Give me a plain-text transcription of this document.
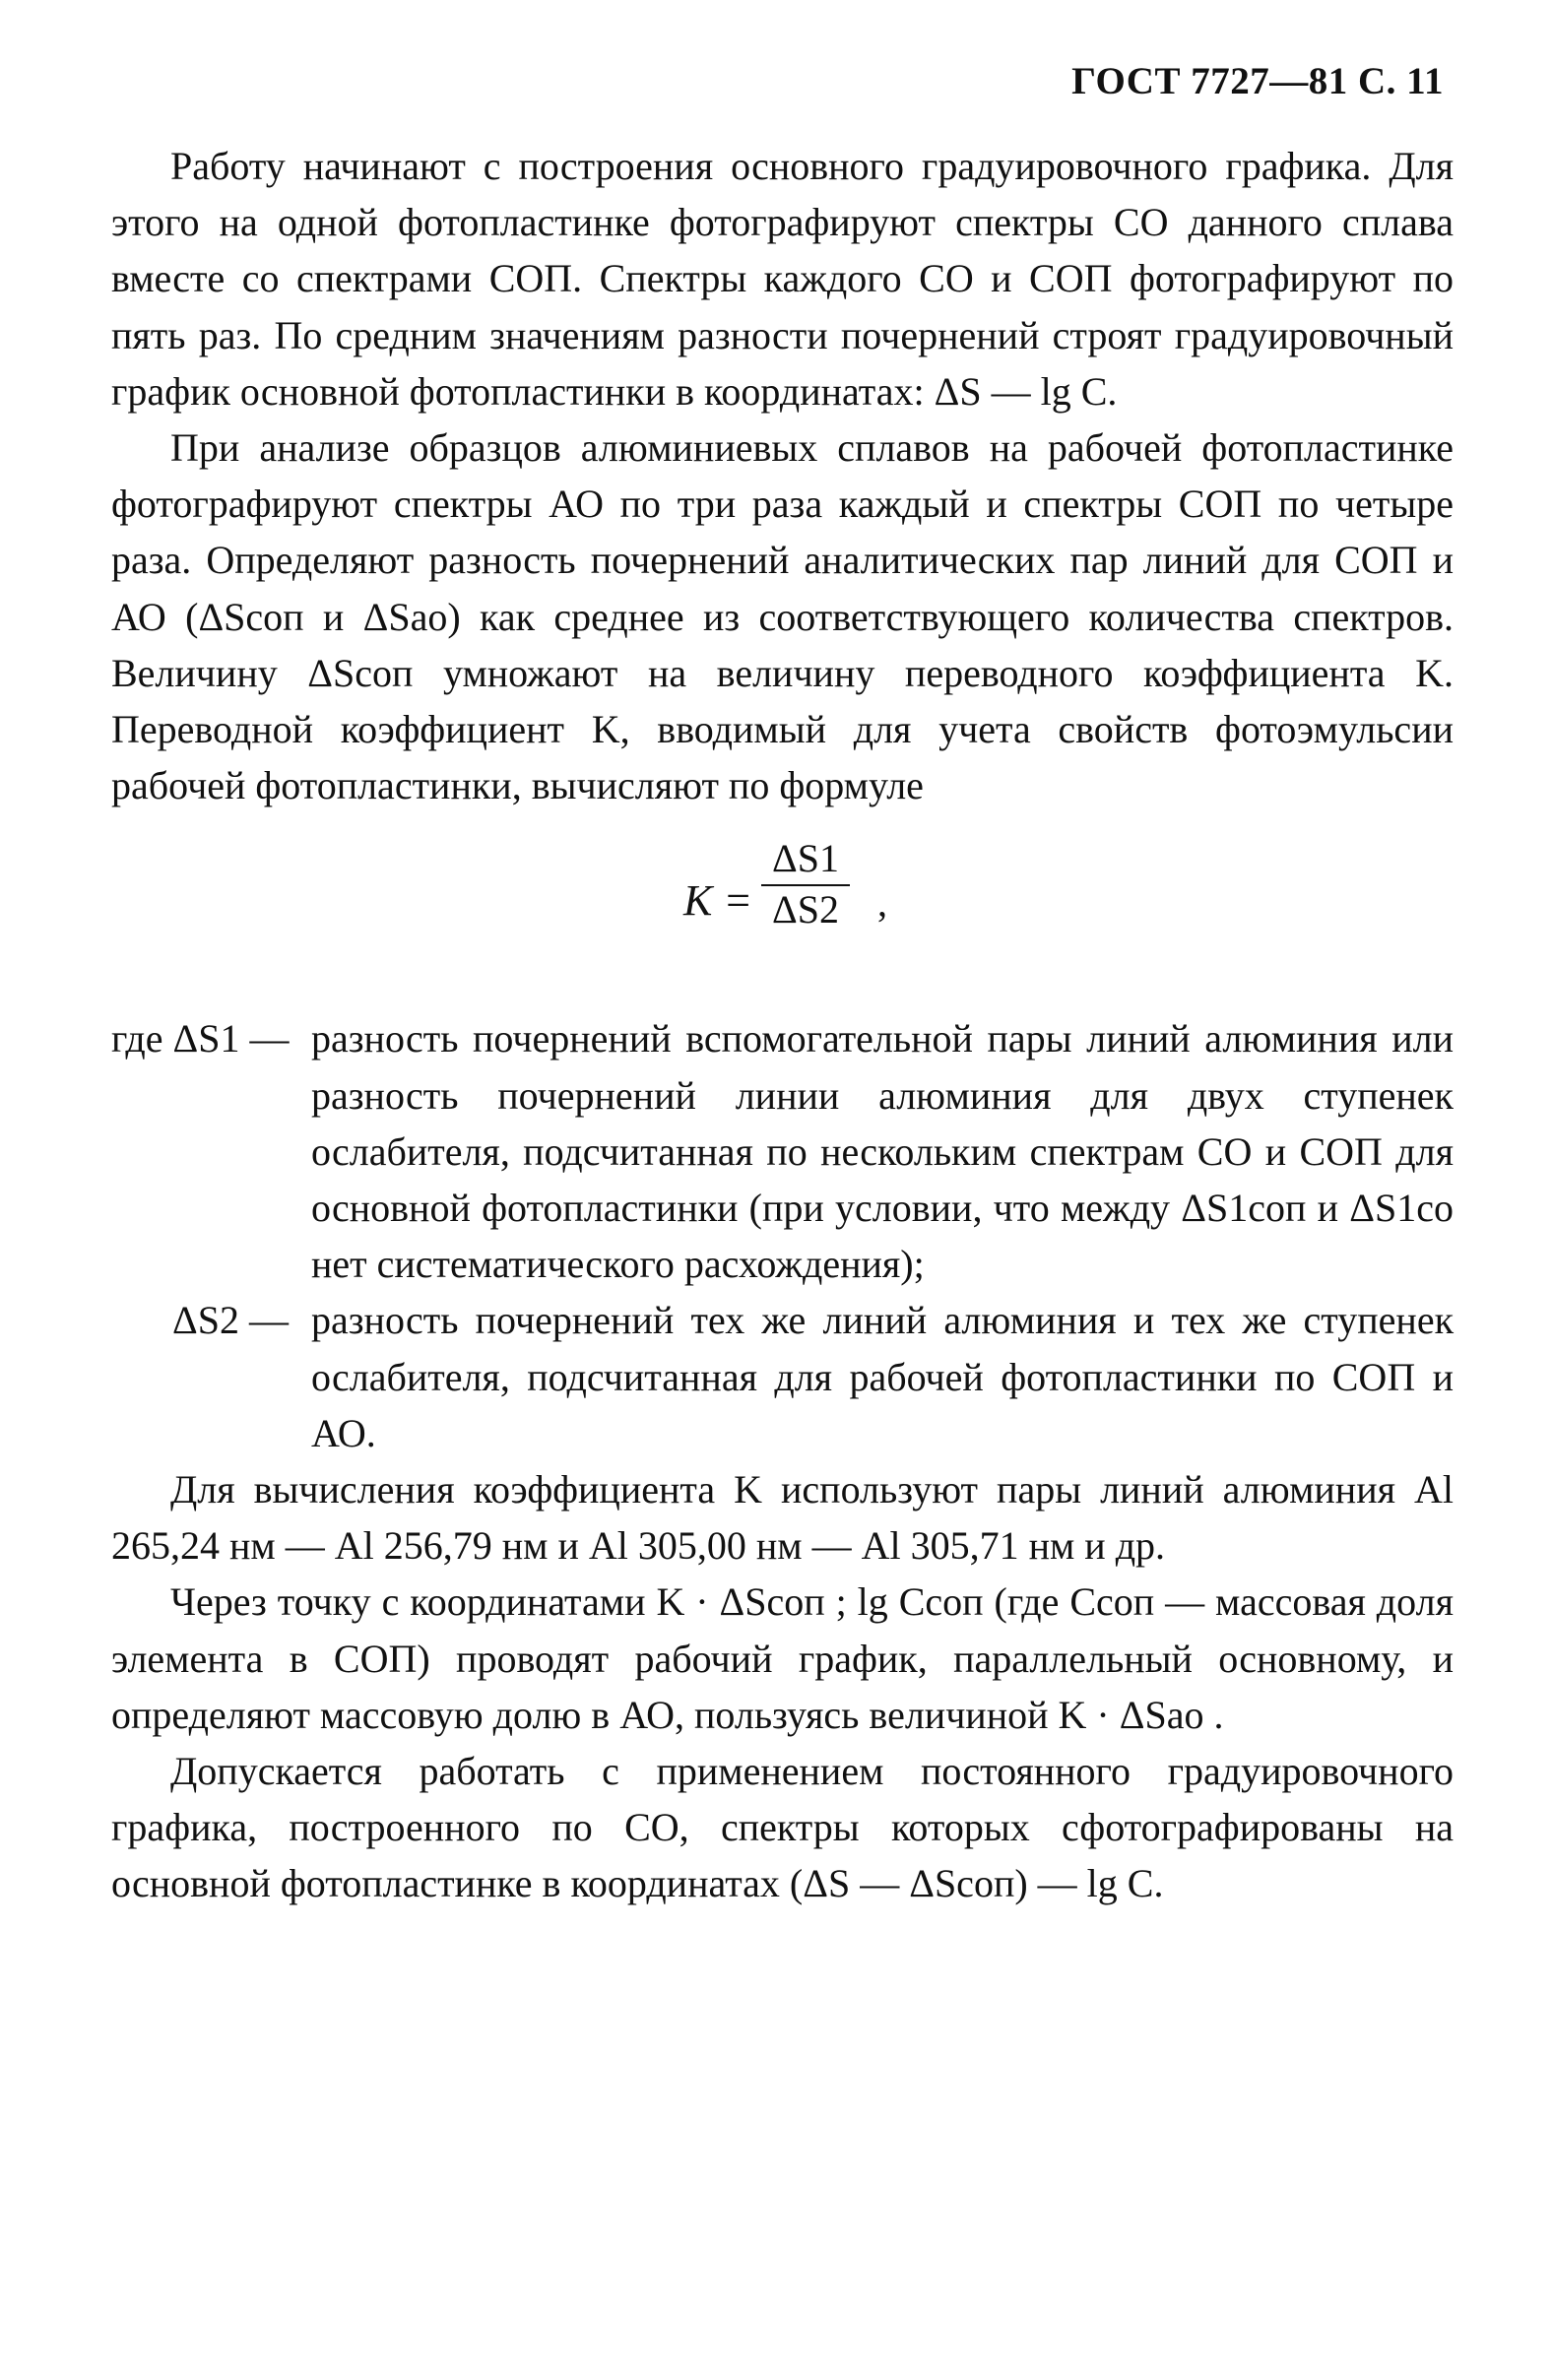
ГОСТ 7727—81 С. 11

Работу начинают с построения основного градуировочного графика. Для этого на одной фотопластинке фотографируют спектры СО данного сплава вместе со спектрами СОП. Спектры каждого СО и СОП фотографируют по пять раз. По средним значениям разности почернений строят градуировочный график основной фотопластинки в координатах: ΔS — lg C.

При анализе образцов алюминиевых сплавов на рабочей фотопластинке фотографируют спектры АО по три раза каждый и спектры СОП по четыре раза. Определяют разность почернений аналитических пар линий для СОП и АО (ΔSсоп и ΔSао) как среднее из соответствующего количества спектров. Величину ΔSсоп умножают на величину переводного коэффициента K. Переводной коэффициент K, вводимый для учета свойств фотоэмульсии рабочей фотопластинки, вычисляют по формуле

$K = \frac{\Delta S1}{\Delta S2}$ ,
где ΔS1 — разность почернений вспомогательной пары линий алюминия или разность почернений линии алюминия для двух ступенек ослабителя, подсчитанная по нескольким спектрам СО и СОП для основной фотопластинки (при условии, что между ΔS1соп и ΔS1со нет систематического расхождения);
ΔS2 — разность почернений тех же линий алюминия и тех же ступенек ослабителя, подсчитанная для рабочей фотопластинки по СОП и АО.

Для вычисления коэффициента K используют пары линий алюминия Al 265,24 нм — Al 256,79 нм и Al 305,00 нм — Al 305,71 нм и др.

Через точку с координатами K · ΔSсоп ; lg Cсоп (где Cсоп — массовая доля элемента в СОП) проводят рабочий график, параллельный основному, и определяют массовую долю в АО, пользуясь величиной K · ΔSао .

Допускается работать с применением постоянного градуировочного графика, построенного по СО, спектры которых сфотографированы на основной фотопластинке в координатах (ΔS — ΔSсоп) — lg C.
